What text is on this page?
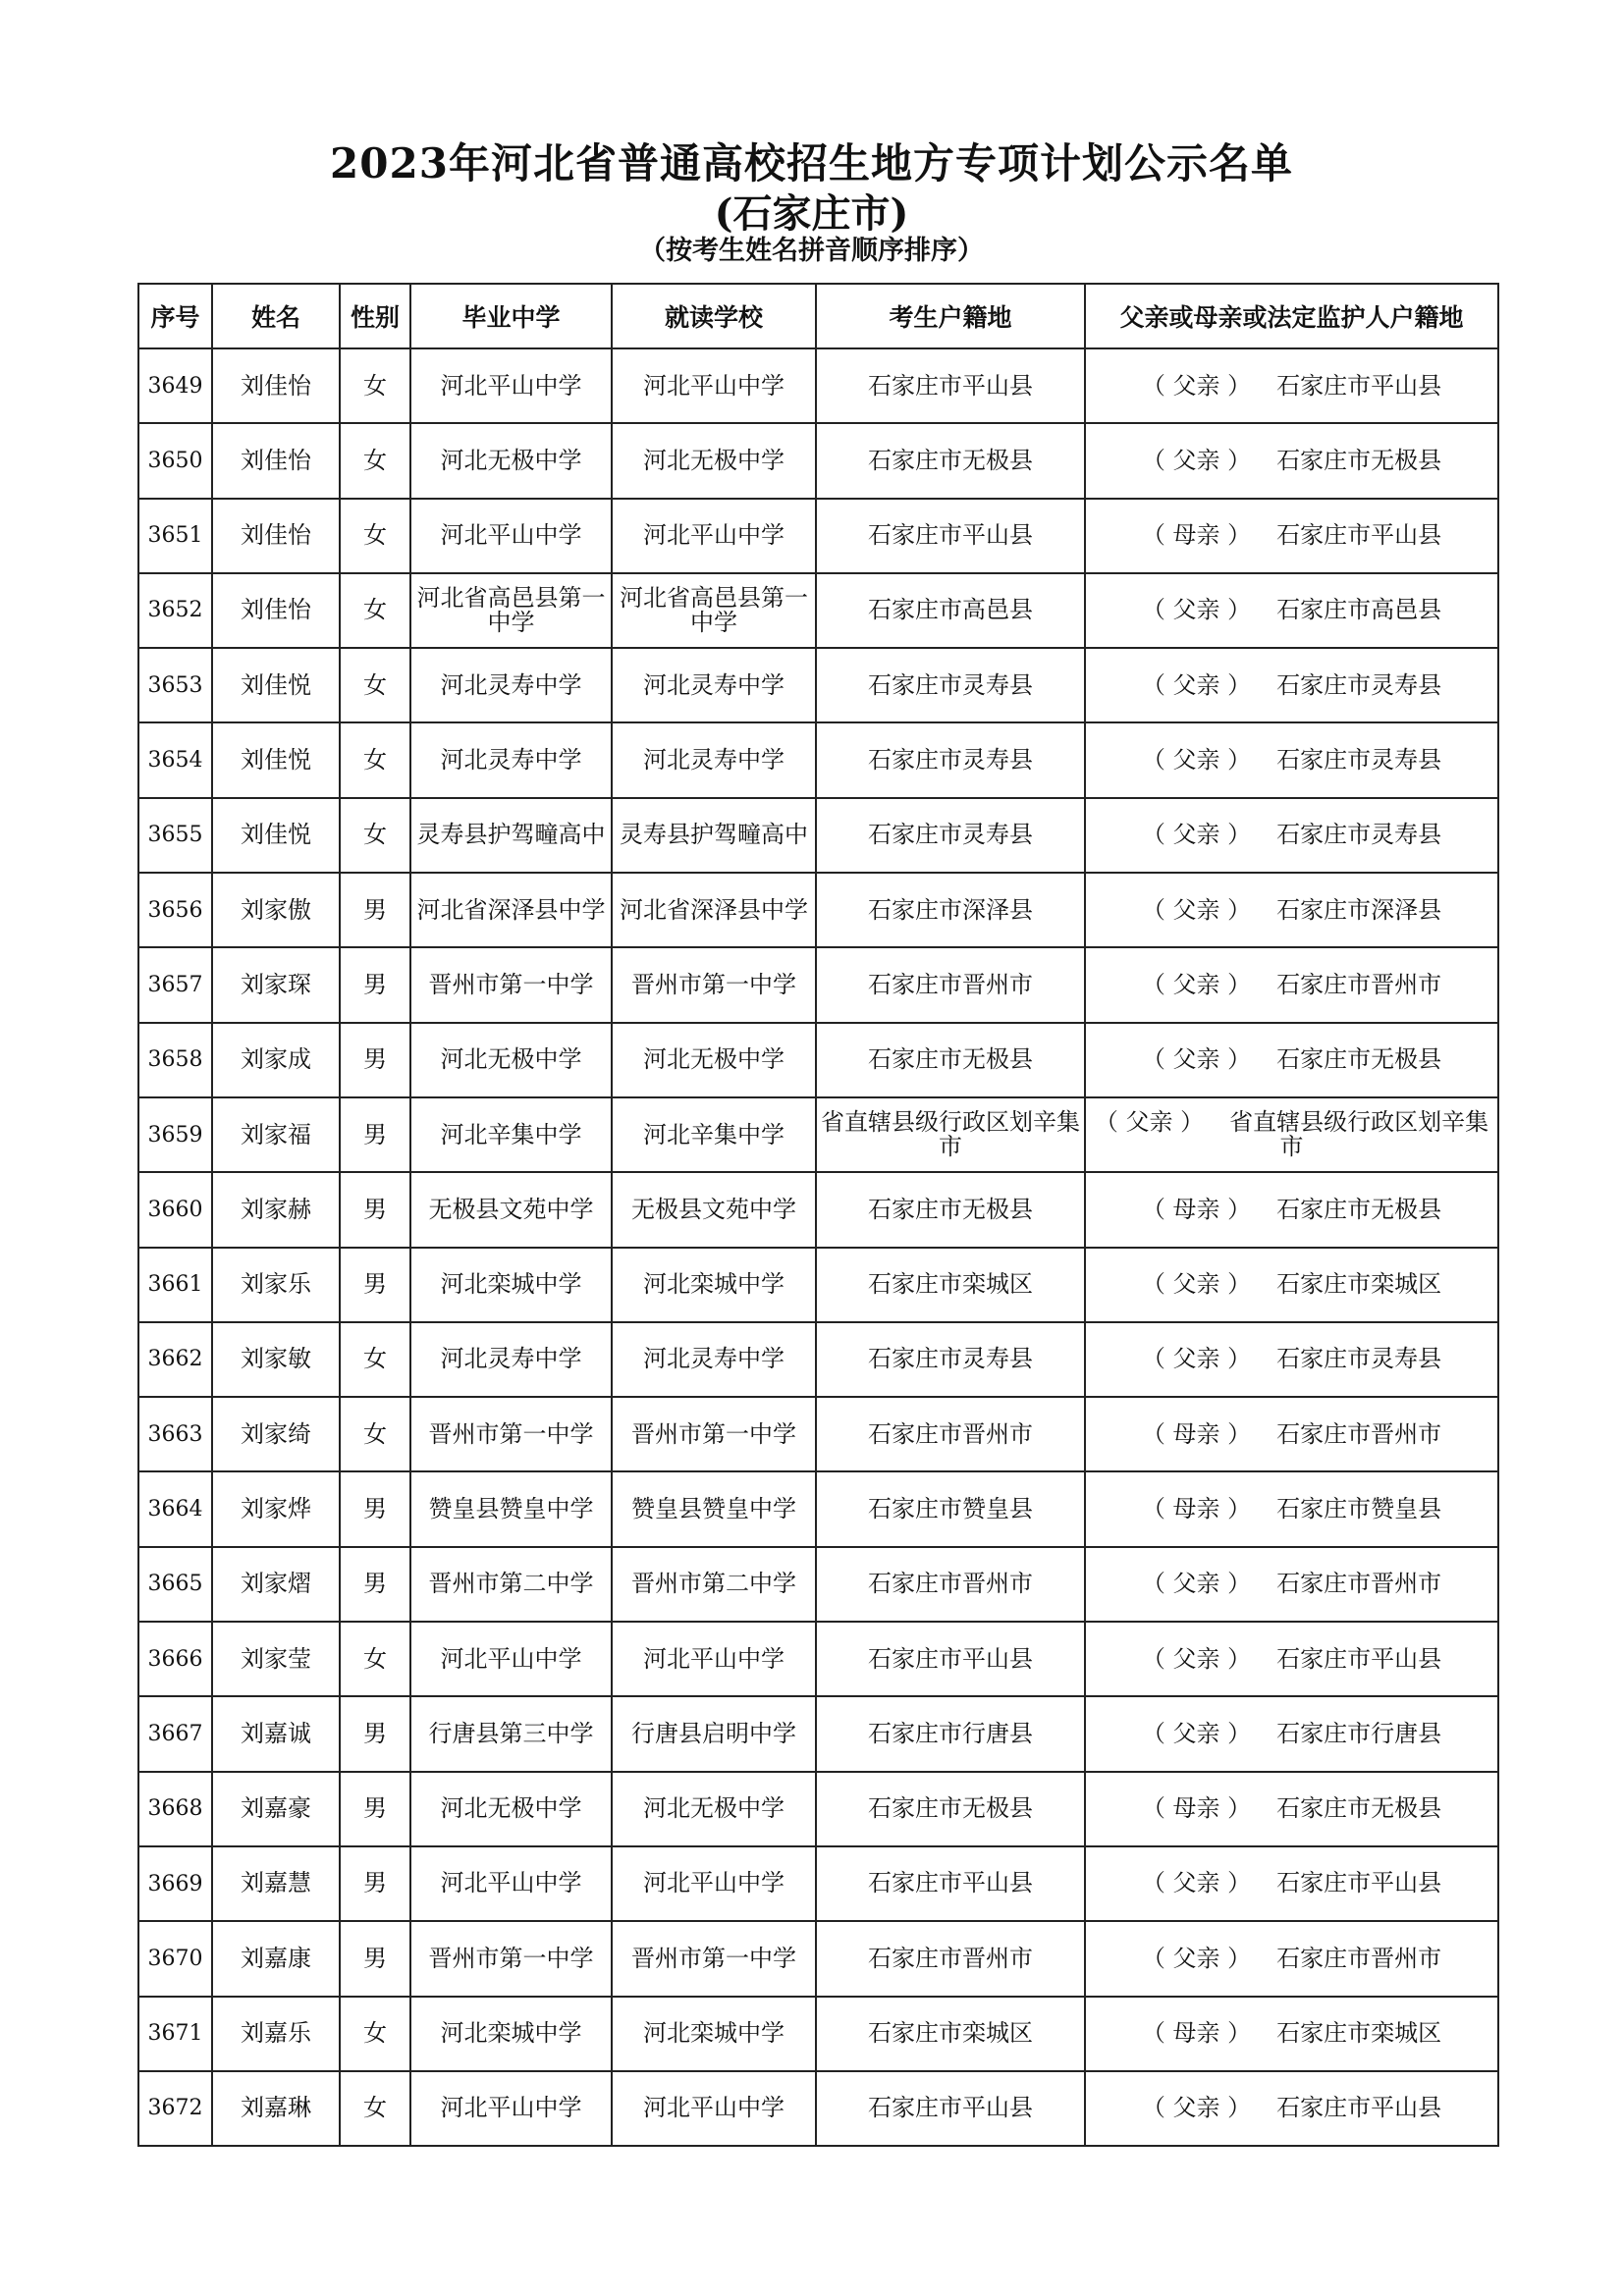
2023年河北省普通高校招生地方专项计划公示名单
(石家庄市)
（按考生姓名拼音顺序排序）
序号	姓名	性别	毕业中学	就读学校	考生户籍地	父亲或母亲或法定监护人户籍地
3649	刘佳怡	女	河北平山中学	河北平山中学	石家庄市平山县	（ 父亲 ） 石家庄市平山县
3650	刘佳怡	女	河北无极中学	河北无极中学	石家庄市无极县	（ 父亲 ） 石家庄市无极县
3651	刘佳怡	女	河北平山中学	河北平山中学	石家庄市平山县	（ 母亲 ） 石家庄市平山县
3652	刘佳怡	女	河北省高邑县第一中学	河北省高邑县第一中学	石家庄市高邑县	（ 父亲 ） 石家庄市高邑县
3653	刘佳悦	女	河北灵寿中学	河北灵寿中学	石家庄市灵寿县	（ 父亲 ） 石家庄市灵寿县
3654	刘佳悦	女	河北灵寿中学	河北灵寿中学	石家庄市灵寿县	（ 父亲 ） 石家庄市灵寿县
3655	刘佳悦	女	灵寿县护驾疃高中	灵寿县护驾疃高中	石家庄市灵寿县	（ 父亲 ） 石家庄市灵寿县
3656	刘家傲	男	河北省深泽县中学	河北省深泽县中学	石家庄市深泽县	（ 父亲 ） 石家庄市深泽县
3657	刘家琛	男	晋州市第一中学	晋州市第一中学	石家庄市晋州市	（ 父亲 ） 石家庄市晋州市
3658	刘家成	男	河北无极中学	河北无极中学	石家庄市无极县	（ 父亲 ） 石家庄市无极县
3659	刘家福	男	河北辛集中学	河北辛集中学	省直辖县级行政区划辛集市	（ 父亲 ） 省直辖县级行政区划辛集市
3660	刘家赫	男	无极县文苑中学	无极县文苑中学	石家庄市无极县	（ 母亲 ） 石家庄市无极县
3661	刘家乐	男	河北栾城中学	河北栾城中学	石家庄市栾城区	（ 父亲 ） 石家庄市栾城区
3662	刘家敏	女	河北灵寿中学	河北灵寿中学	石家庄市灵寿县	（ 父亲 ） 石家庄市灵寿县
3663	刘家绮	女	晋州市第一中学	晋州市第一中学	石家庄市晋州市	（ 母亲 ） 石家庄市晋州市
3664	刘家烨	男	赞皇县赞皇中学	赞皇县赞皇中学	石家庄市赞皇县	（ 母亲 ） 石家庄市赞皇县
3665	刘家熠	男	晋州市第二中学	晋州市第二中学	石家庄市晋州市	（ 父亲 ） 石家庄市晋州市
3666	刘家莹	女	河北平山中学	河北平山中学	石家庄市平山县	（ 父亲 ） 石家庄市平山县
3667	刘嘉诚	男	行唐县第三中学	行唐县启明中学	石家庄市行唐县	（ 父亲 ） 石家庄市行唐县
3668	刘嘉豪	男	河北无极中学	河北无极中学	石家庄市无极县	（ 母亲 ） 石家庄市无极县
3669	刘嘉慧	男	河北平山中学	河北平山中学	石家庄市平山县	（ 父亲 ） 石家庄市平山县
3670	刘嘉康	男	晋州市第一中学	晋州市第一中学	石家庄市晋州市	（ 父亲 ） 石家庄市晋州市
3671	刘嘉乐	女	河北栾城中学	河北栾城中学	石家庄市栾城区	（ 母亲 ） 石家庄市栾城区
3672	刘嘉琳	女	河北平山中学	河北平山中学	石家庄市平山县	（ 父亲 ） 石家庄市平山县
